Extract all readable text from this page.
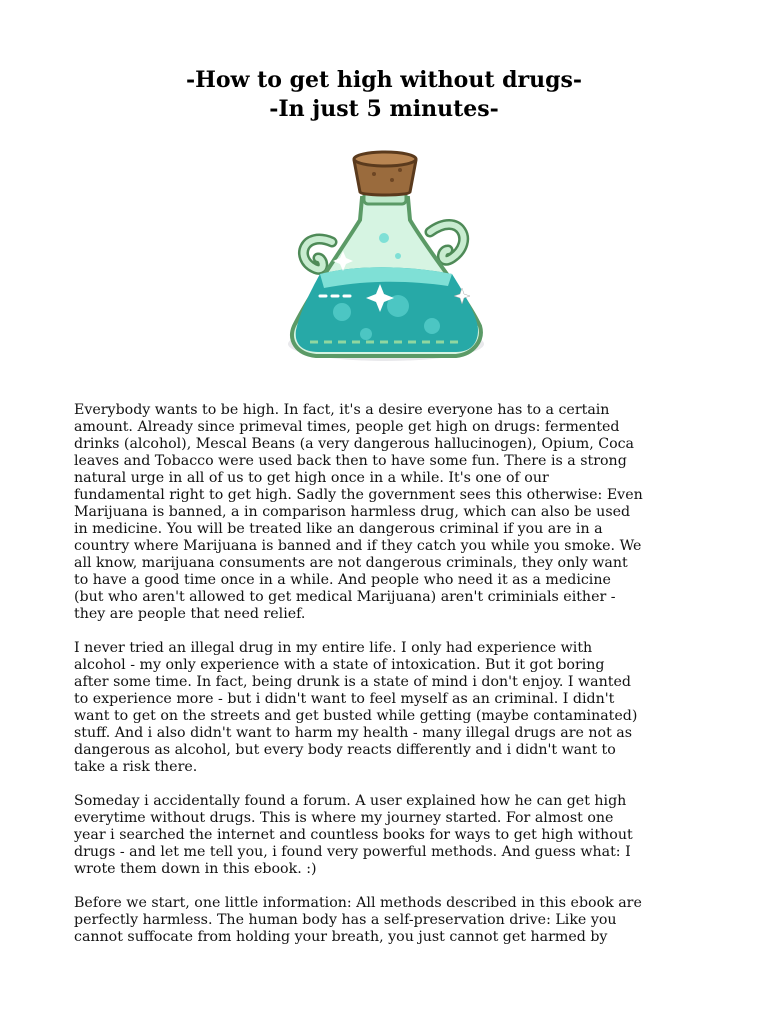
-How to get high without drugs-
-In just 5 minutes-

Everybody wants to be high. In fact, it's a desire everyone has to a certain
amount. Already since primeval times, people get high on drugs: fermented
drinks (alcohol), Mescal Beans (a very dangerous hallucinogen), Opium, Coca
leaves and Tobacco were used back then to have some fun. There is a strong
natural urge in all of us to get high once in a while. It's one of our
fundamental right to get high. Sadly the government sees this otherwise: Even
Marijuana is banned, a in comparison harmless drug, which can also be used
in medicine. You will be treated like an dangerous criminal if you are in a
country where Marijuana is banned and if they catch you while you smoke. We
all know, marijuana consuments are not dangerous criminals, they only want
to have a good time once in a while. And people who need it as a medicine
(but who aren't allowed to get medical Marijuana) aren't criminials either -
they are people that need relief.

I never tried an illegal drug in my entire life. I only had experience with
alcohol - my only experience with a state of intoxication. But it got boring
after some time. In fact, being drunk is a state of mind i don't enjoy. I wanted
to experience more - but i didn't want to feel myself as an criminal. I didn't
want to get on the streets and get busted while getting (maybe contaminated)
stuff. And i also didn't want to harm my health - many illegal drugs are not as
dangerous as alcohol, but every body reacts differently and i didn't want to
take a risk there.

Someday i accidentally found a forum. A user explained how he can get high
everytime without drugs. This is where my journey started. For almost one
year i searched the internet and countless books for ways to get high without
drugs - and let me tell you, i found very powerful methods. And guess what: I
wrote them down in this ebook. :)

Before we start, one little information: All methods described in this ebook are
perfectly harmless. The human body has a self-preservation drive: Like you
cannot suffocate from holding your breath, you just cannot get harmed by
